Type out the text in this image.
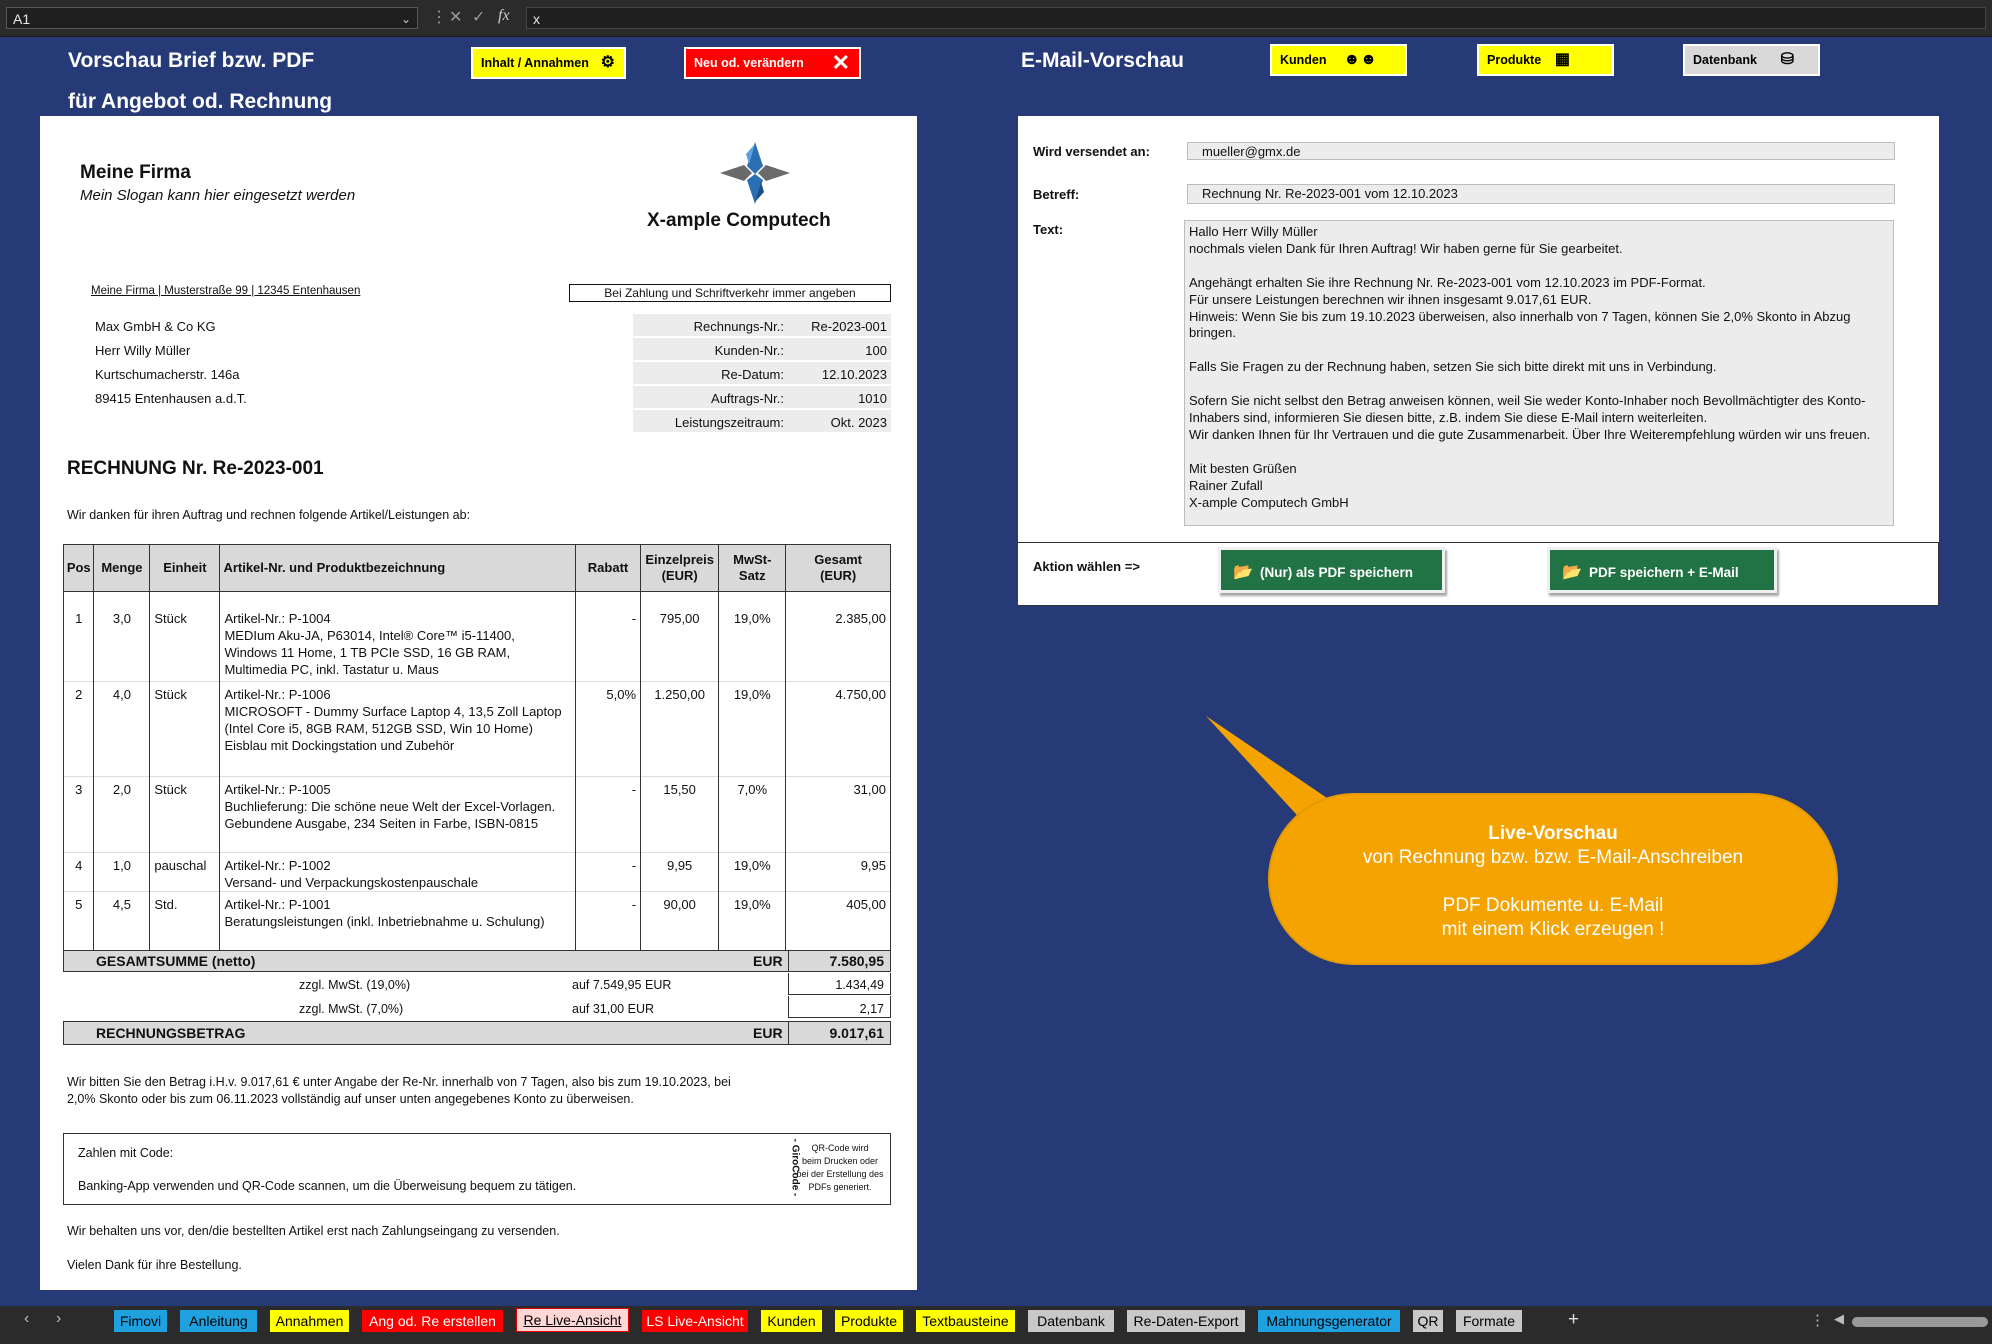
A1	⌄ ⋮ ✕ ✓ fx	x
Vorschau Brief bzw. PDF
für Angebot od. Rechnung
Inhalt / Annahmen ⚙	Neu od. verändern ✕	E-Mail-Vorschau	Kunden ☻☻	Produkte ▦	Datenbank ⛁
Meine Firma
Mein Slogan kann hier eingesetzt werden
X-ample Computech
Meine Firma | Musterstraße 99 | 12345 Entenhausen	Bei Zahlung und Schriftverkehr immer angeben
Max GmbH & Co KG
Herr Willy Müller
Kurtschumacherstr. 146a
89415 Entenhausen a.d.T.
Rechnungs-Nr.:	Re-2023-001
Kunden-Nr.:	100
Re-Datum:	12.10.2023
Auftrags-Nr.:	1010
Leistungszeitraum:	Okt. 2023
RECHNUNG Nr. Re-2023-001
Wir danken für ihren Auftrag und rechnen folgende Artikel/Leistungen ab:
Pos	Menge	Einheit	Artikel-Nr. und Produktbezeichnung	Rabatt	Einzelpreis
(EUR)	MwSt-
Satz	Gesamt
(EUR)

1	3,0	Stück	Artikel-Nr.: P-1004
MEDIum Aku-JA, P63014, Intel® Core™ i5-11400,
Windows 11 Home, 1 TB PCIe SSD, 16 GB RAM,
Multimedia PC, inkl. Tastatur u. Maus	-	795,00	19,0%	2.385,00
2	4,0	Stück	Artikel-Nr.: P-1006
MICROSOFT - Dummy Surface Laptop 4, 13,5 Zoll Laptop
(Intel Core i5, 8GB RAM, 512GB SSD, Win 10 Home)
Eisblau mit Dockingstation und Zubehör	5,0%	1.250,00	19,0%	4.750,00
3	2,0	Stück	Artikel-Nr.: P-1005
Buchlieferung: Die schöne neue Welt der Excel-Vorlagen.
Gebundene Ausgabe, 234 Seiten in Farbe, ISBN-0815	-	15,50	7,0%	31,00
4	1,0	pauschal	Artikel-Nr.: P-1002
Versand- und Verpackungskostenpauschale	-	9,95	19,0%	9,95
5	4,5	Std.	Artikel-Nr.: P-1001
Beratungsleistungen (inkl. Inbetriebnahme u. Schulung)	-	90,00	19,0%	405,00
GESAMTSUMME (netto)	EUR	7.580,95
zzgl. MwSt. (19,0%)	auf 7.549,95 EUR	1.434,49
zzgl. MwSt. (7,0%)	auf 31,00 EUR	2,17
RECHNUNGSBETRAG	EUR	9.017,61
Wir bitten Sie den Betrag i.H.v. 9.017,61 € unter Angabe der Re-Nr. innerhalb von 7 Tagen, also bis zum 19.10.2023, bei
2,0% Skonto oder bis zum 06.11.2023 vollständig auf unser unten angegebenes Konto zu überweisen.
Zahlen mit Code:
Banking-App verwenden und QR-Code scannen, um die Überweisung bequem zu tätigen.	- GiroCode -	QR-Code wird
beim Drucken oder
bei der Erstellung des
PDFs generiert.
Wir behalten uns vor, den/die bestellten Artikel erst nach Zahlungseingang zu versenden.
Vielen Dank für ihre Bestellung.
Wird versendet an:	mueller@gmx.de
Betreff:	Rechnung Nr. Re-2023-001 vom 12.10.2023
Text:	Hallo Herr Willy Müller
nochmals vielen Dank für Ihren Auftrag! Wir haben gerne für Sie gearbeitet.

Angehängt erhalten Sie ihre Rechnung Nr. Re-2023-001 vom 12.10.2023 im PDF-Format.
Für unsere Leistungen berechnen wir ihnen insgesamt 9.017,61 EUR.
Hinweis: Wenn Sie bis zum 19.10.2023 überweisen, also innerhalb von 7 Tagen, können Sie 2,0% Skonto in Abzug
bringen.

Falls Sie Fragen zu der Rechnung haben, setzen Sie sich bitte direkt mit uns in Verbindung.

Sofern Sie nicht selbst den Betrag anweisen können, weil Sie weder Konto-Inhaber noch Bevollmächtigter des Konto-
Inhabers sind, informieren Sie diesen bitte, z.B. indem Sie diese E-Mail intern weiterleiten.
Wir danken Ihnen für Ihr Vertrauen und die gute Zusammenarbeit. Über Ihre Weiterempfehlung würden wir uns freuen.

Mit besten Grüßen
Rainer Zufall
X-ample Computech GmbH
Aktion wählen =>	📂 (Nur) als PDF speichern	📂 PDF speichern + E-Mail
Live-Vorschau
von Rechnung bzw. bzw. E-Mail-Anschreiben
PDF Dokumente u. E-Mail
mit einem Klick erzeugen !
‹ ›	Fimovi	Anleitung	Annahmen	Ang od. Re erstellen	Re Live-Ansicht	LS Live-Ansicht	Kunden	Produkte	Textbausteine	Datenbank	Re-Daten-Export	Mahnungsgenerator	QR	Formate	+	⋮ ◀
